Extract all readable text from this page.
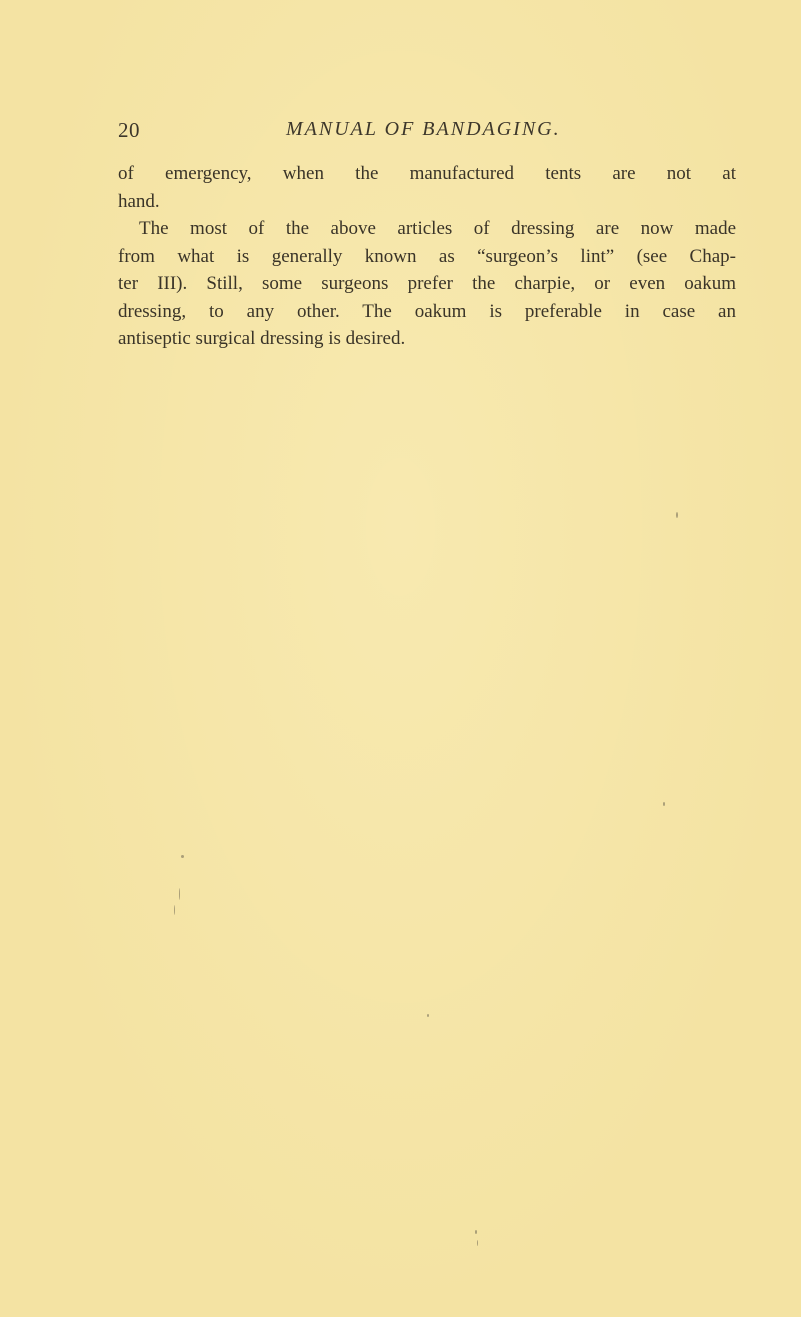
20	MANUAL OF BANDAGING.
of emergency, when the manufactured tents are not at
hand.
The most of the above articles of dressing are now made
from what is generally known as “surgeon’s lint” (see Chap-
ter III). Still, some surgeons prefer the charpie, or even oakum
dressing, to any other. The oakum is preferable in case an
antiseptic surgical dressing is desired.
